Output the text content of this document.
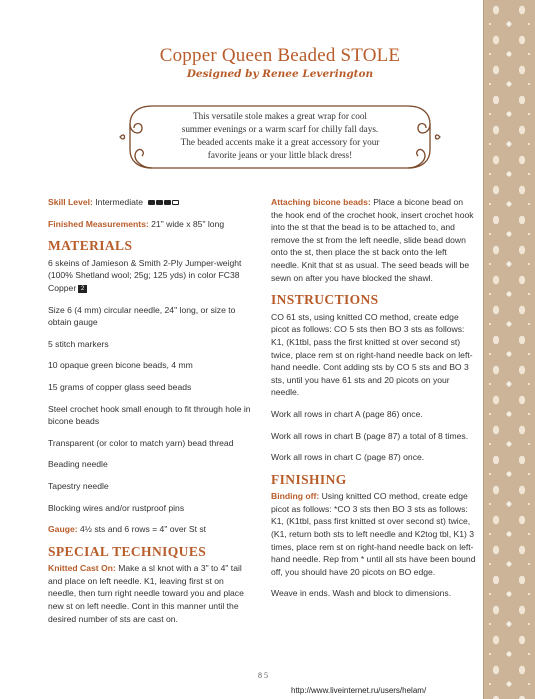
Copper Queen Beaded STOLE
Designed by Renee Leverington
This versatile stole makes a great wrap for cool
summer evenings or a warm scarf for chilly fall days.
The beaded accents make it a great accessory for your
favorite jeans or your little black dress!
Skill Level: Intermediate
Finished Measurements: 21" wide x 85" long
MATERIALS
6 skeins of Jamieson & Smith 2-Ply Jumper-weight (100% Shetland wool; 25g; 125 yds) in color FC38 Copper 2
Size 6 (4 mm) circular needle, 24" long, or size to obtain gauge
5 stitch markers
10 opaque green bicone beads, 4 mm
15 grams of copper glass seed beads
Steel crochet hook small enough to fit through hole in bicone beads
Transparent (or color to match yarn) bead thread
Beading needle
Tapestry needle
Blocking wires and/or rustproof pins
Gauge: 4½ sts and 6 rows = 4" over St st
SPECIAL TECHNIQUES
Knitted Cast On: Make a sl knot with a 3" to 4" tail and place on left needle. K1, leaving first st on needle, then turn right needle toward you and place new st on left needle. Cont in this manner until the desired number of sts are cast on.
Attaching bicone beads: Place a bicone bead on the hook end of the crochet hook, insert crochet hook into the st that the bead is to be attached to, and remove the st from the left needle, slide bead down onto the st, then place the st back onto the left needle. Knit that st as usual. The seed beads will be sewn on after you have blocked the shawl.
INSTRUCTIONS
CO 61 sts, using knitted CO method, create edge picot as follows: CO 5 sts then BO 3 sts as follows: K1, (K1tbl, pass the first knitted st over second st) twice, place rem st on right-hand needle back on left-hand needle. Cont adding sts by CO 5 sts and BO 3 sts, until you have 61 sts and 20 picots on your needle.
Work all rows in chart A (page 86) once.
Work all rows in chart B (page 87) a total of 8 times.
Work all rows in chart C (page 87) once.
FINISHING
Binding off: Using knitted CO method, create edge picot as follows: *CO 3 sts then BO 3 sts as follows: K1, (K1tbl, pass first knitted st over second st) twice, (K1, return both sts to left needle and K2tog tbl, K1) 3 times, place rem st on right-hand needle back on left-hand needle. Rep from * until all sts have been bound off, you should have 20 picots on BO edge.
Weave in ends. Wash and block to dimensions.
85
http://www.liveinternet.ru/users/helam/
